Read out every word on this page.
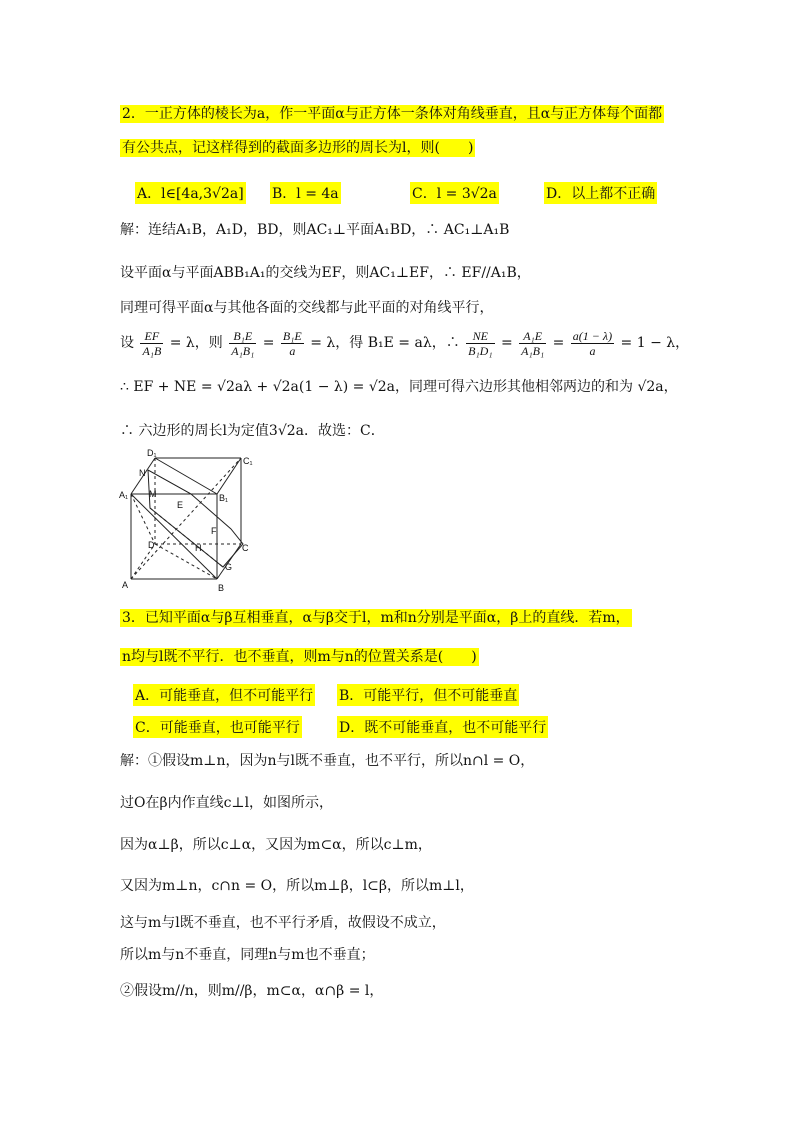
2．一正方体的棱长为a，作一平面α与正方体一条体对角线垂直，且α与正方体每个面都
有公共点，记这样得到的截面多边形的周长为l，则(　　)
A．l∈[4a,3√2a] B．l = 4a	C．l = 3√2a	D．以上都不正确
解：连结A₁B，A₁D，BD，则AC₁⊥平面A₁BD，∴ AC₁⊥A₁B
设平面α与平面ABB₁A₁的交线为EF，则AC₁⊥EF，∴ EF//A₁B，
同理可得平面α与其他各面的交线都与此平面的对角线平行，
设 $\frac{EF}{\text{A₁B}} = \lambda$，则 $\frac{\text{B₁E}}{\text{A₁B₁}} = \frac{\text{B₁E}}{a} = \lambda$，得 B₁E = aλ，∴ $\frac{NE}{\text{B₁D₁}} = \frac{\text{A₁E}}{\text{A₁B₁}} = \frac{a(1 - \lambda)}{a} = 1 - \lambda$，
∴ EF + NE = √2aλ + √2a(1 − λ) = √2a，同理可得六边形其他相邻两边的和为 √2a，
∴ 六边形的周长l为定值3√2a．故选：C．
D₁
C₁
A₁	B₁
N
M
E
F
D	H	C
G
A	B
3．已知平面α与β互相垂直，α与β交于l，m和n分别是平面α，β上的直线．若m，
n均与l既不平行．也不垂直，则m与n的位置关系是(　　)
A．可能垂直，但不可能平行 B．可能平行，但不可能垂直
C．可能垂直，也可能平行	D．既不可能垂直，也不可能平行
解：①假设m⊥n，因为n与l既不垂直，也不平行，所以n∩l = O，
过O在β内作直线c⊥l，如图所示，
因为α⊥β，所以c⊥α，又因为m⊂α，所以c⊥m，
又因为m⊥n，c∩n = O，所以m⊥β，l⊂β，所以m⊥l，
这与m与l既不垂直，也不平行矛盾，故假设不成立，
所以m与n不垂直，同理n与m也不垂直；
②假设m//n，则m//β，m⊂α，α∩β = l，
